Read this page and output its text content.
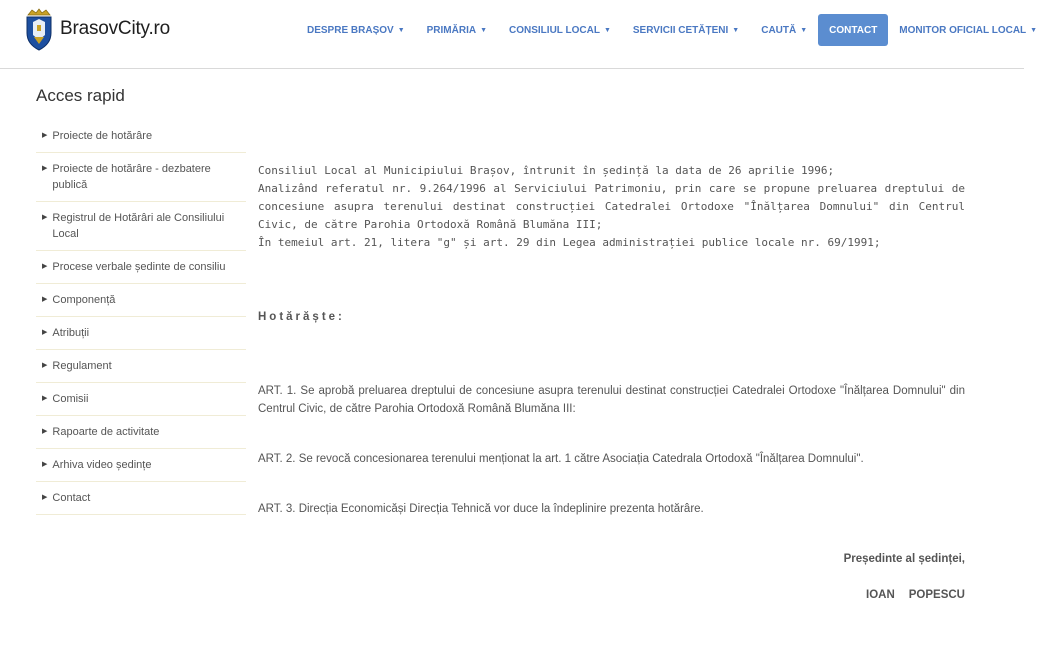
BrasovCity.ro	DESPRE BRAȘOV ▼ PRIMĂRIA ▼ CONSILIUL LOCAL ▼ SERVICII CETĂȚENI ▼ CAUTĂ ▼ CONTACT MONITOR OFICIAL LOCAL ▼
Acces rapid
▶ Proiecte de hotărâre
▶ Proiecte de hotărâre - dezbatere publică
▶ Registrul de Hotărâri ale Consiliului Local
▶ Procese verbale ședinte de consiliu
▶ Componență
▶ Atribuții
▶ Regulament
▶ Comisii
▶ Rapoarte de activitate
▶ Arhiva video ședințe
▶ Contact

Consiliul Local al Municipiului Brașov, întrunit în ședință la data de 26 aprilie 1996;

Analizând referatul nr. 9.264/1996 al Serviciului Patrimoniu, prin care se propune preluarea dreptului de concesiune asupra terenului destinat construcției Catedralei Ortodoxe "Înălțarea Domnului" din Centrul Civic, de către Parohia Ortodoxă Română Blumăna III;

În temeiul art. 21, litera "g" și art. 29 din Legea administrației publice locale nr. 69/1991;

Hotărăște:

ART. 1. Se aprobă preluarea dreptului de concesiune asupra terenului destinat construcției Catedralei Ortodoxe "Înălțarea Domnului" din Centrul Civic, de către Parohia Ortodoxă Română Blumăna III:

ART. 2. Se revocă concesionarea terenului menționat la art. 1 către Asociația Catedrala Ortodoxă "Înălțarea Domnului".

ART. 3. Direcția Economicăși Direcția Tehnică vor duce la îndeplinire prezenta hotărâre.

Președinte al ședinței,

IOAN POPESCU
